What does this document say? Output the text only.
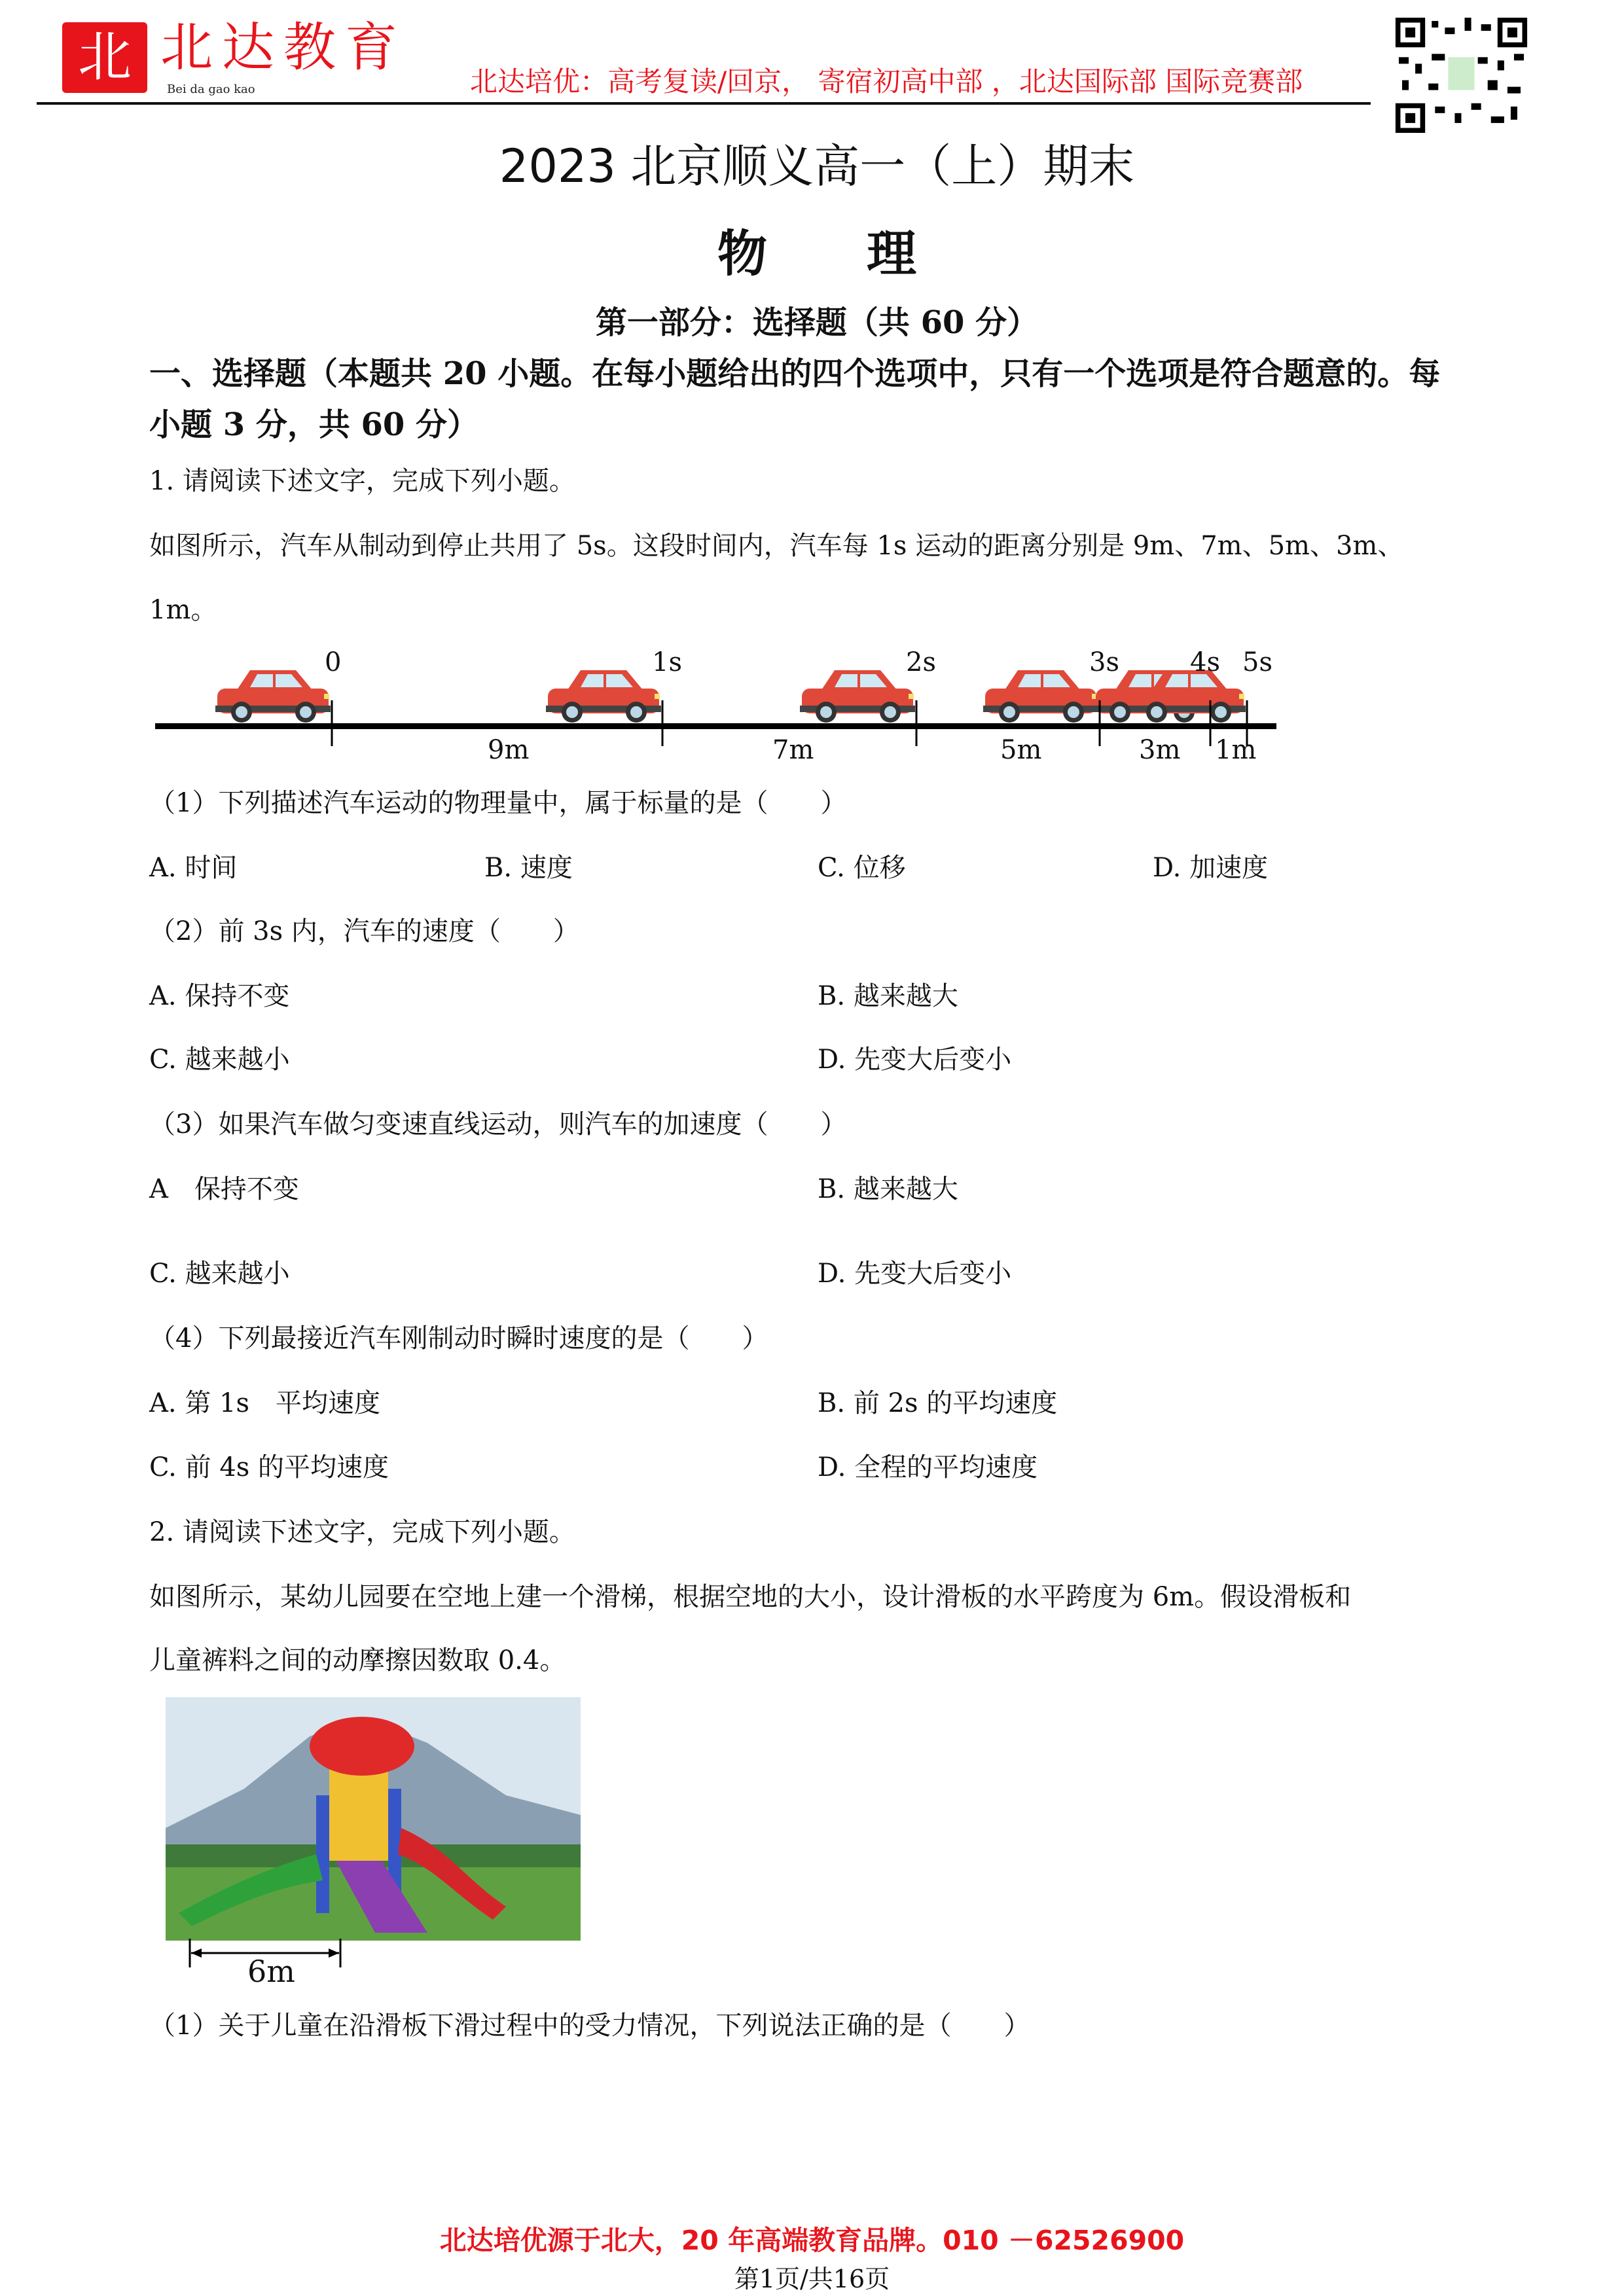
北 北达教育
Bei da gao kao	北达培优：高考复读/回京， 寄宿初高中部 ，北达国际部 国际竞赛部
2023 北京顺义高一（上）期末
物　　理
第一部分：选择题（共 60 分）
一、选择题（本题共 20 小题。在每小题给出的四个选项中，只有一个选项是符合题意的。每
小题 3 分，共 60 分）
1. 请阅读下述文字，完成下列小题。
如图所示，汽车从制动到停止共用了 5s。这段时间内，汽车每 1s 运动的距离分别是 9m、7m、5m、3m、
1m。
0	1s	2s	3s	4s 5s
9m	7m	5m	3m 1m
（1）下列描述汽车运动的物理量中，属于标量的是（　　）
A. 时间	B. 速度	C. 位移	D. 加速度
（2）前 3s 内，汽车的速度（　　）
A. 保持不变	B. 越来越大
C. 越来越小	D. 先变大后变小
（3）如果汽车做匀变速直线运动，则汽车的加速度（　　）
A　保持不变	B. 越来越大
C. 越来越小	D. 先变大后变小
（4）下列最接近汽车刚制动时瞬时速度的是（　　）
A. 第 1s　平均速度	B. 前 2s 的平均速度
C. 前 4s 的平均速度	D. 全程的平均速度
2. 请阅读下述文字，完成下列小题。
如图所示，某幼儿园要在空地上建一个滑梯，根据空地的大小，设计滑板的水平跨度为 6m。假设滑板和
儿童裤料之间的动摩擦因数取 0.4。
6m
（1）关于儿童在沿滑板下滑过程中的受力情况，下列说法正确的是（　　）
北达培优源于北大，20 年高端教育品牌。010 －62526900
第1页/共16页
